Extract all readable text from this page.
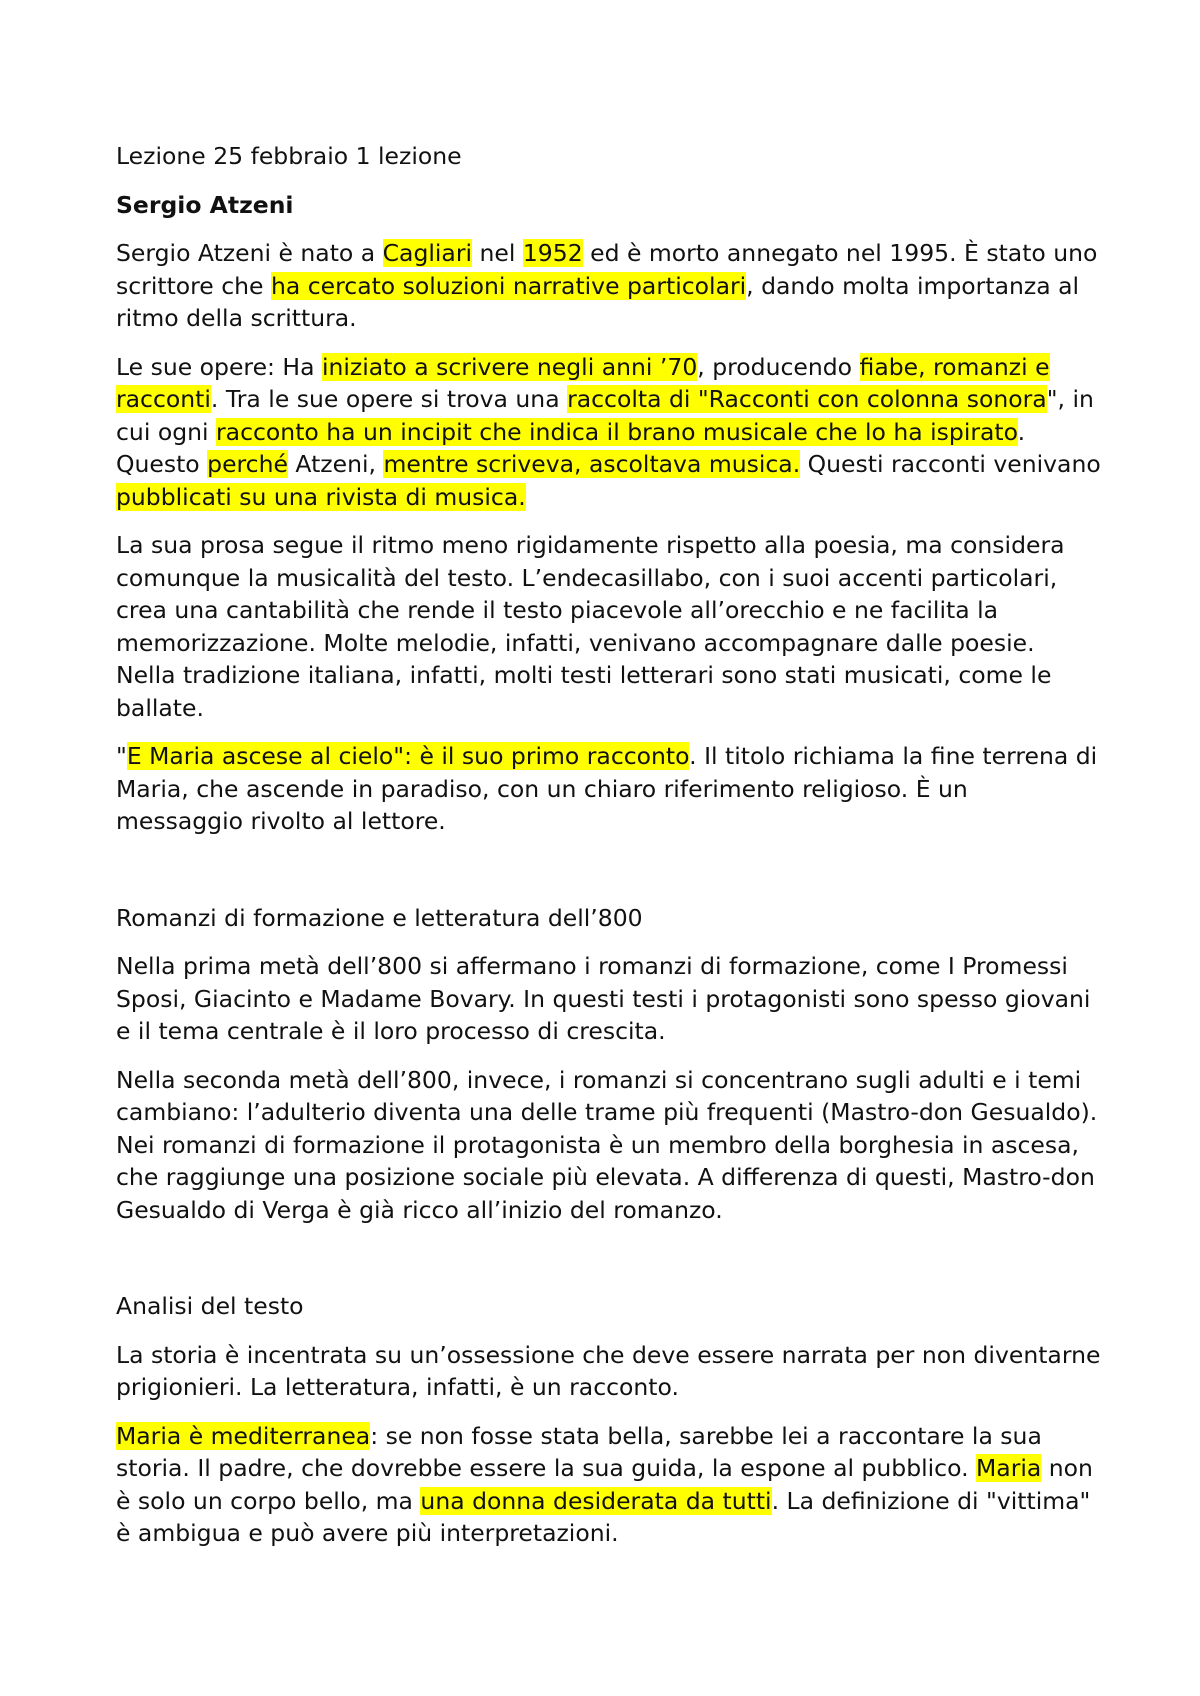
Lezione 25 febbraio 1 lezione

Sergio Atzeni

Sergio Atzeni è nato a Cagliari nel 1952 ed è morto annegato nel 1995. È stato uno scrittore che ha cercato soluzioni narrative particolari, dando molta importanza al ritmo della scrittura.

Le sue opere: Ha iniziato a scrivere negli anni ’70, producendo fiabe, romanzi e racconti. Tra le sue opere si trova una raccolta di "Racconti con colonna sonora", in cui ogni racconto ha un incipit che indica il brano musicale che lo ha ispirato. Questo perché Atzeni, mentre scriveva, ascoltava musica. Questi racconti venivano pubblicati su una rivista di musica.

La sua prosa segue il ritmo meno rigidamente rispetto alla poesia, ma considera comunque la musicalità del testo. L’endecasillabo, con i suoi accenti particolari, crea una cantabilità che rende il testo piacevole all’orecchio e ne facilita la memorizzazione. Molte melodie, infatti, venivano accompagnare dalle poesie. Nella tradizione italiana, infatti, molti testi letterari sono stati musicati, come le ballate.

"E Maria ascese al cielo": è il suo primo racconto. Il titolo richiama la fine terrena di Maria, che ascende in paradiso, con un chiaro riferimento religioso. È un messaggio rivolto al lettore.

Romanzi di formazione e letteratura dell’800

Nella prima metà dell’800 si affermano i romanzi di formazione, come I Promessi Sposi, Giacinto e Madame Bovary. In questi testi i protagonisti sono spesso giovani e il tema centrale è il loro processo di crescita.

Nella seconda metà dell’800, invece, i romanzi si concentrano sugli adulti e i temi cambiano: l’adulterio diventa una delle trame più frequenti (Mastro-don Gesualdo). Nei romanzi di formazione il protagonista è un membro della borghesia in ascesa, che raggiunge una posizione sociale più elevata. A differenza di questi, Mastro-don Gesualdo di Verga è già ricco all’inizio del romanzo.

Analisi del testo

La storia è incentrata su un’ossessione che deve essere narrata per non diventarne prigionieri. La letteratura, infatti, è un racconto.

Maria è mediterranea: se non fosse stata bella, sarebbe lei a raccontare la sua storia. Il padre, che dovrebbe essere la sua guida, la espone al pubblico. Maria non è solo un corpo bello, ma una donna desiderata da tutti. La definizione di "vittima" è ambigua e può avere più interpretazioni.
